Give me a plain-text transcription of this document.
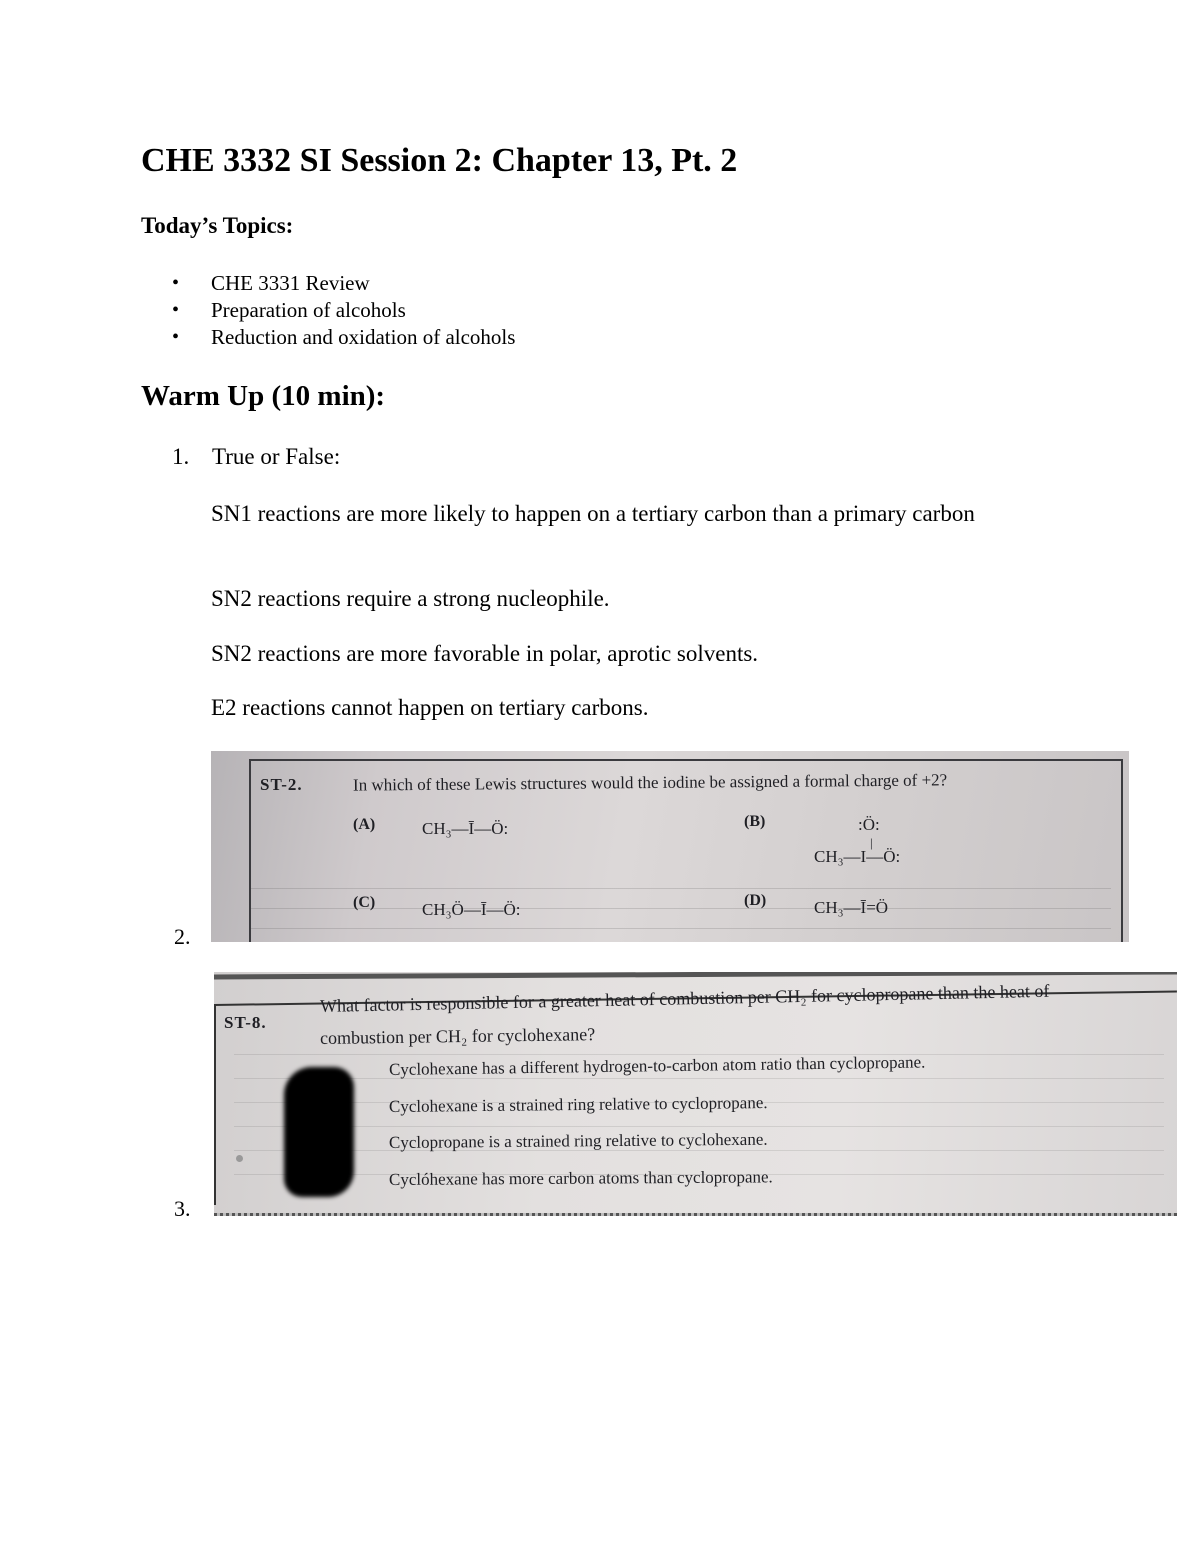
CHE 3332 SI Session 2: Chapter 13, Pt. 2
Today’s Topics:
• CHE 3331 Review
• Preparation of alcohols
• Reduction and oxidation of alcohols
Warm Up (10 min):
1. True or False:
SN1 reactions are more likely to happen on a tertiary carbon than a primary carbon
SN2 reactions require a strong nucleophile.
SN2 reactions are more favorable in polar, aprotic solvents.
E2 reactions cannot happen on tertiary carbons.
2.
ST-2.	In which of these Lewis structures would the iodine be assigned a formal charge of +2?
(A)	CH₃—Ī—Ö:	(B)	:Ö:
|
CH₃—I—Ö:
(C)	CH₃Ö—Ī—Ö:	(D)	CH₃—Ī=Ö
3.
ST-8.
What factor is responsible for a greater heat of combustion per CH₂ for cyclopropane than the heat of
combustion per CH₂ for cyclohexane?
Cyclohexane has a different hydrogen-to-carbon atom ratio than cyclopropane.
Cyclohexane is a strained ring relative to cyclopropane.
Cyclopropane is a strained ring relative to cyclohexane.
Cyclóhexane has more carbon atoms than cyclopropane.
